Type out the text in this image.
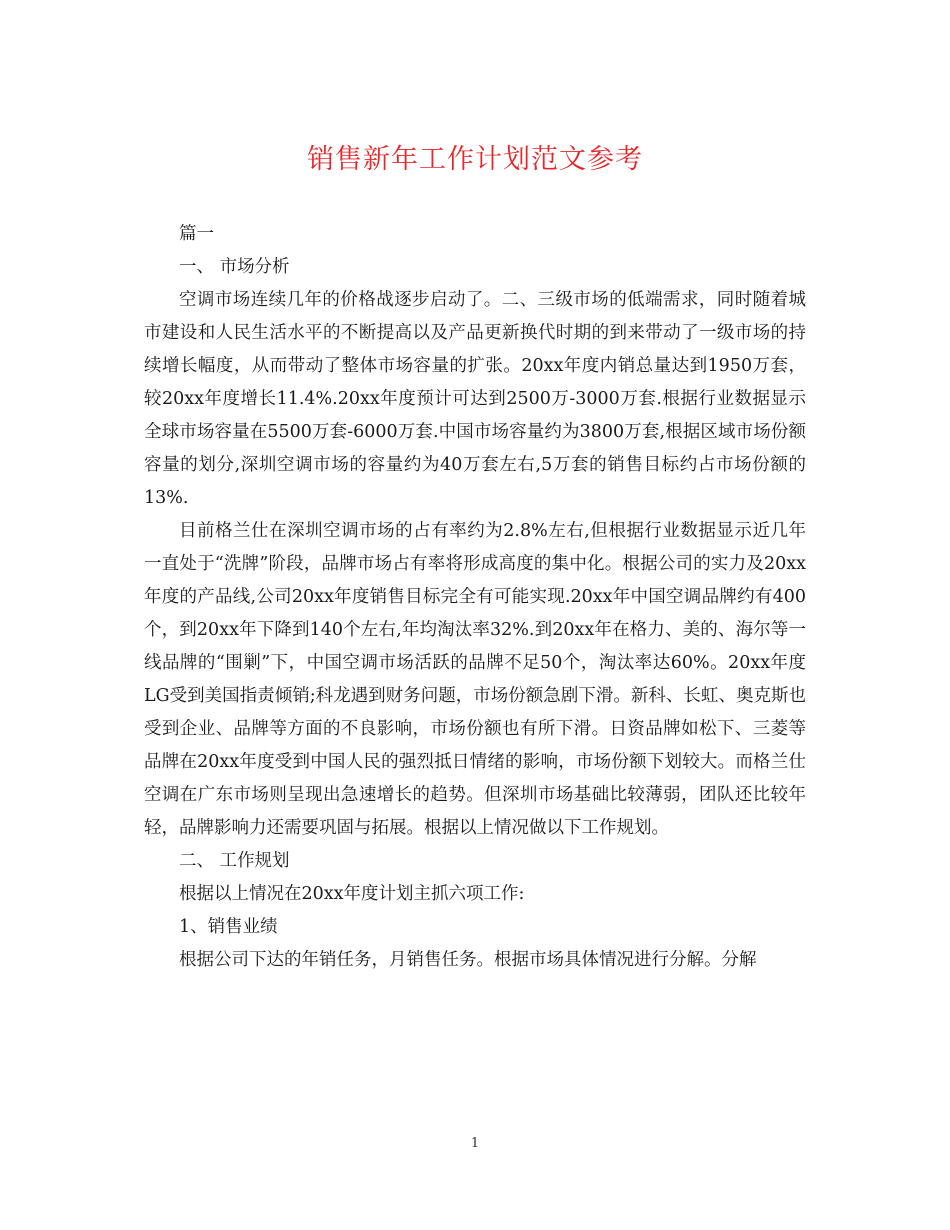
销售新年工作计划范文参考

篇一

一、 市场分析

空调市场连续几年的价格战逐步启动了。二、三级市场的低端需求，同时随着城市建设和人民生活水平的不断提高以及产品更新换代时期的到来带动了一级市场的持续增长幅度，从而带动了整体市场容量的扩张。20xx年度内销总量达到1950万套，较20xx年度增长11.4%.20xx年度预计可达到2500万-3000万套.根据行业数据显示全球市场容量在5500万套-6000万套.中国市场容量约为3800万套,根据区域市场份额容量的划分,深圳空调市场的容量约为40万套左右,5万套的销售目标约占市场份额的13%.

目前格兰仕在深圳空调市场的占有率约为2.8%左右,但根据行业数据显示近几年一直处于“洗牌”阶段，品牌市场占有率将形成高度的集中化。根据公司的实力及20xx年度的产品线,公司20xx年度销售目标完全有可能实现.20xx年中国空调品牌约有400个，到20xx年下降到140个左右,年均淘汰率32%.到20xx年在格力、美的、海尔等一线品牌的“围剿”下，中国空调市场活跃的品牌不足50个，淘汰率达60%。20xx年度LG受到美国指责倾销;科龙遇到财务问题，市场份额急剧下滑。新科、长虹、奥克斯也受到企业、品牌等方面的不良影响，市场份额也有所下滑。日资品牌如松下、三菱等品牌在20xx年度受到中国人民的强烈抵日情绪的影响，市场份额下划较大。而格兰仕空调在广东市场则呈现出急速增长的趋势。但深圳市场基础比较薄弱，团队还比较年轻，品牌影响力还需要巩固与拓展。根据以上情况做以下工作规划。

二、 工作规划

根据以上情况在20xx年度计划主抓六项工作:

1、销售业绩

根据公司下达的年销任务，月销售任务。根据市场具体情况进行分解。分解

1
